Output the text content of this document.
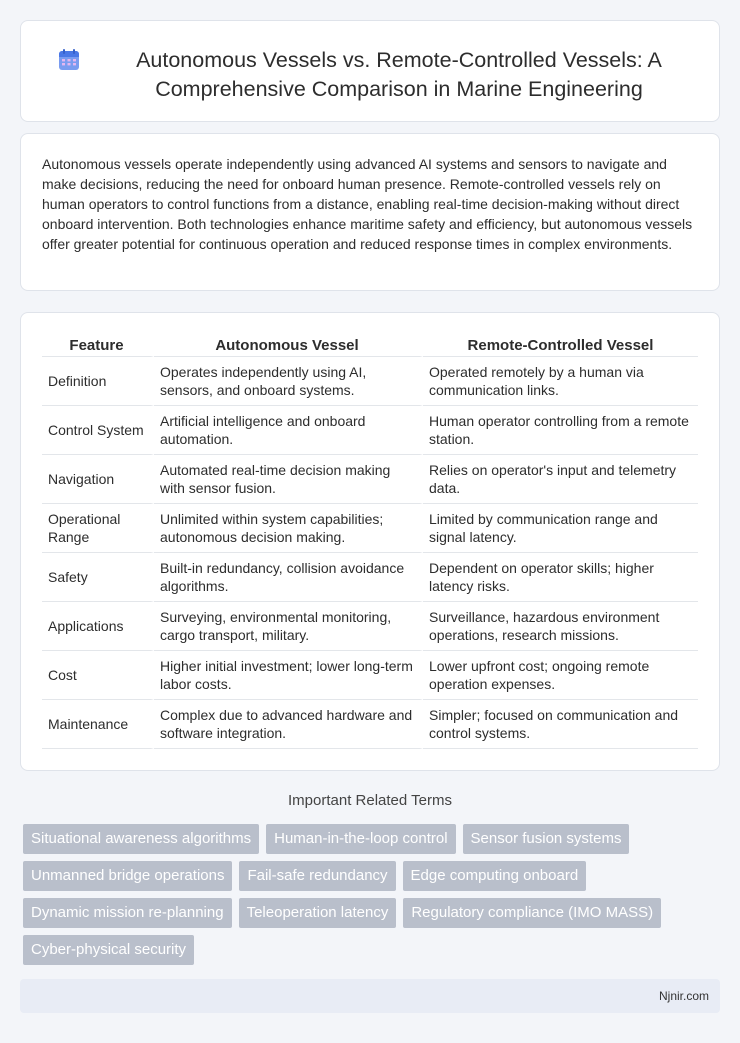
Autonomous Vessels vs. Remote-Controlled Vessels: A Comprehensive Comparison in Marine Engineering

Autonomous vessels operate independently using advanced AI systems and sensors to navigate and make decisions, reducing the need for onboard human presence. Remote-controlled vessels rely on human operators to control functions from a distance, enabling real-time decision-making without direct onboard intervention. Both technologies enhance maritime safety and efficiency, but autonomous vessels offer greater potential for continuous operation and reduced response times in complex environments.

Feature	Autonomous Vessel	Remote-Controlled Vessel
Definition	Operates independently using AI, sensors, and onboard systems.	Operated remotely by a human via communication links.
Control System	Artificial intelligence and onboard automation.	Human operator controlling from a remote station.
Navigation	Automated real-time decision making with sensor fusion.	Relies on operator's input and telemetry data.
Operational Range	Unlimited within system capabilities; autonomous decision making.	Limited by communication range and signal latency.
Safety	Built-in redundancy, collision avoidance algorithms.	Dependent on operator skills; higher latency risks.
Applications	Surveying, environmental monitoring, cargo transport, military.	Surveillance, hazardous environment operations, research missions.
Cost	Higher initial investment; lower long-term labor costs.	Lower upfront cost; ongoing remote operation expenses.
Maintenance	Complex due to advanced hardware and software integration.	Simpler; focused on communication and control systems.
Important Related Terms
Situational awareness algorithms	Human-in-the-loop control	Sensor fusion systems
Unmanned bridge operations	Fail-safe redundancy	Edge computing onboard
Dynamic mission re-planning	Teleoperation latency	Regulatory compliance (IMO MASS)
Cyber-physical security
Njnir.com
